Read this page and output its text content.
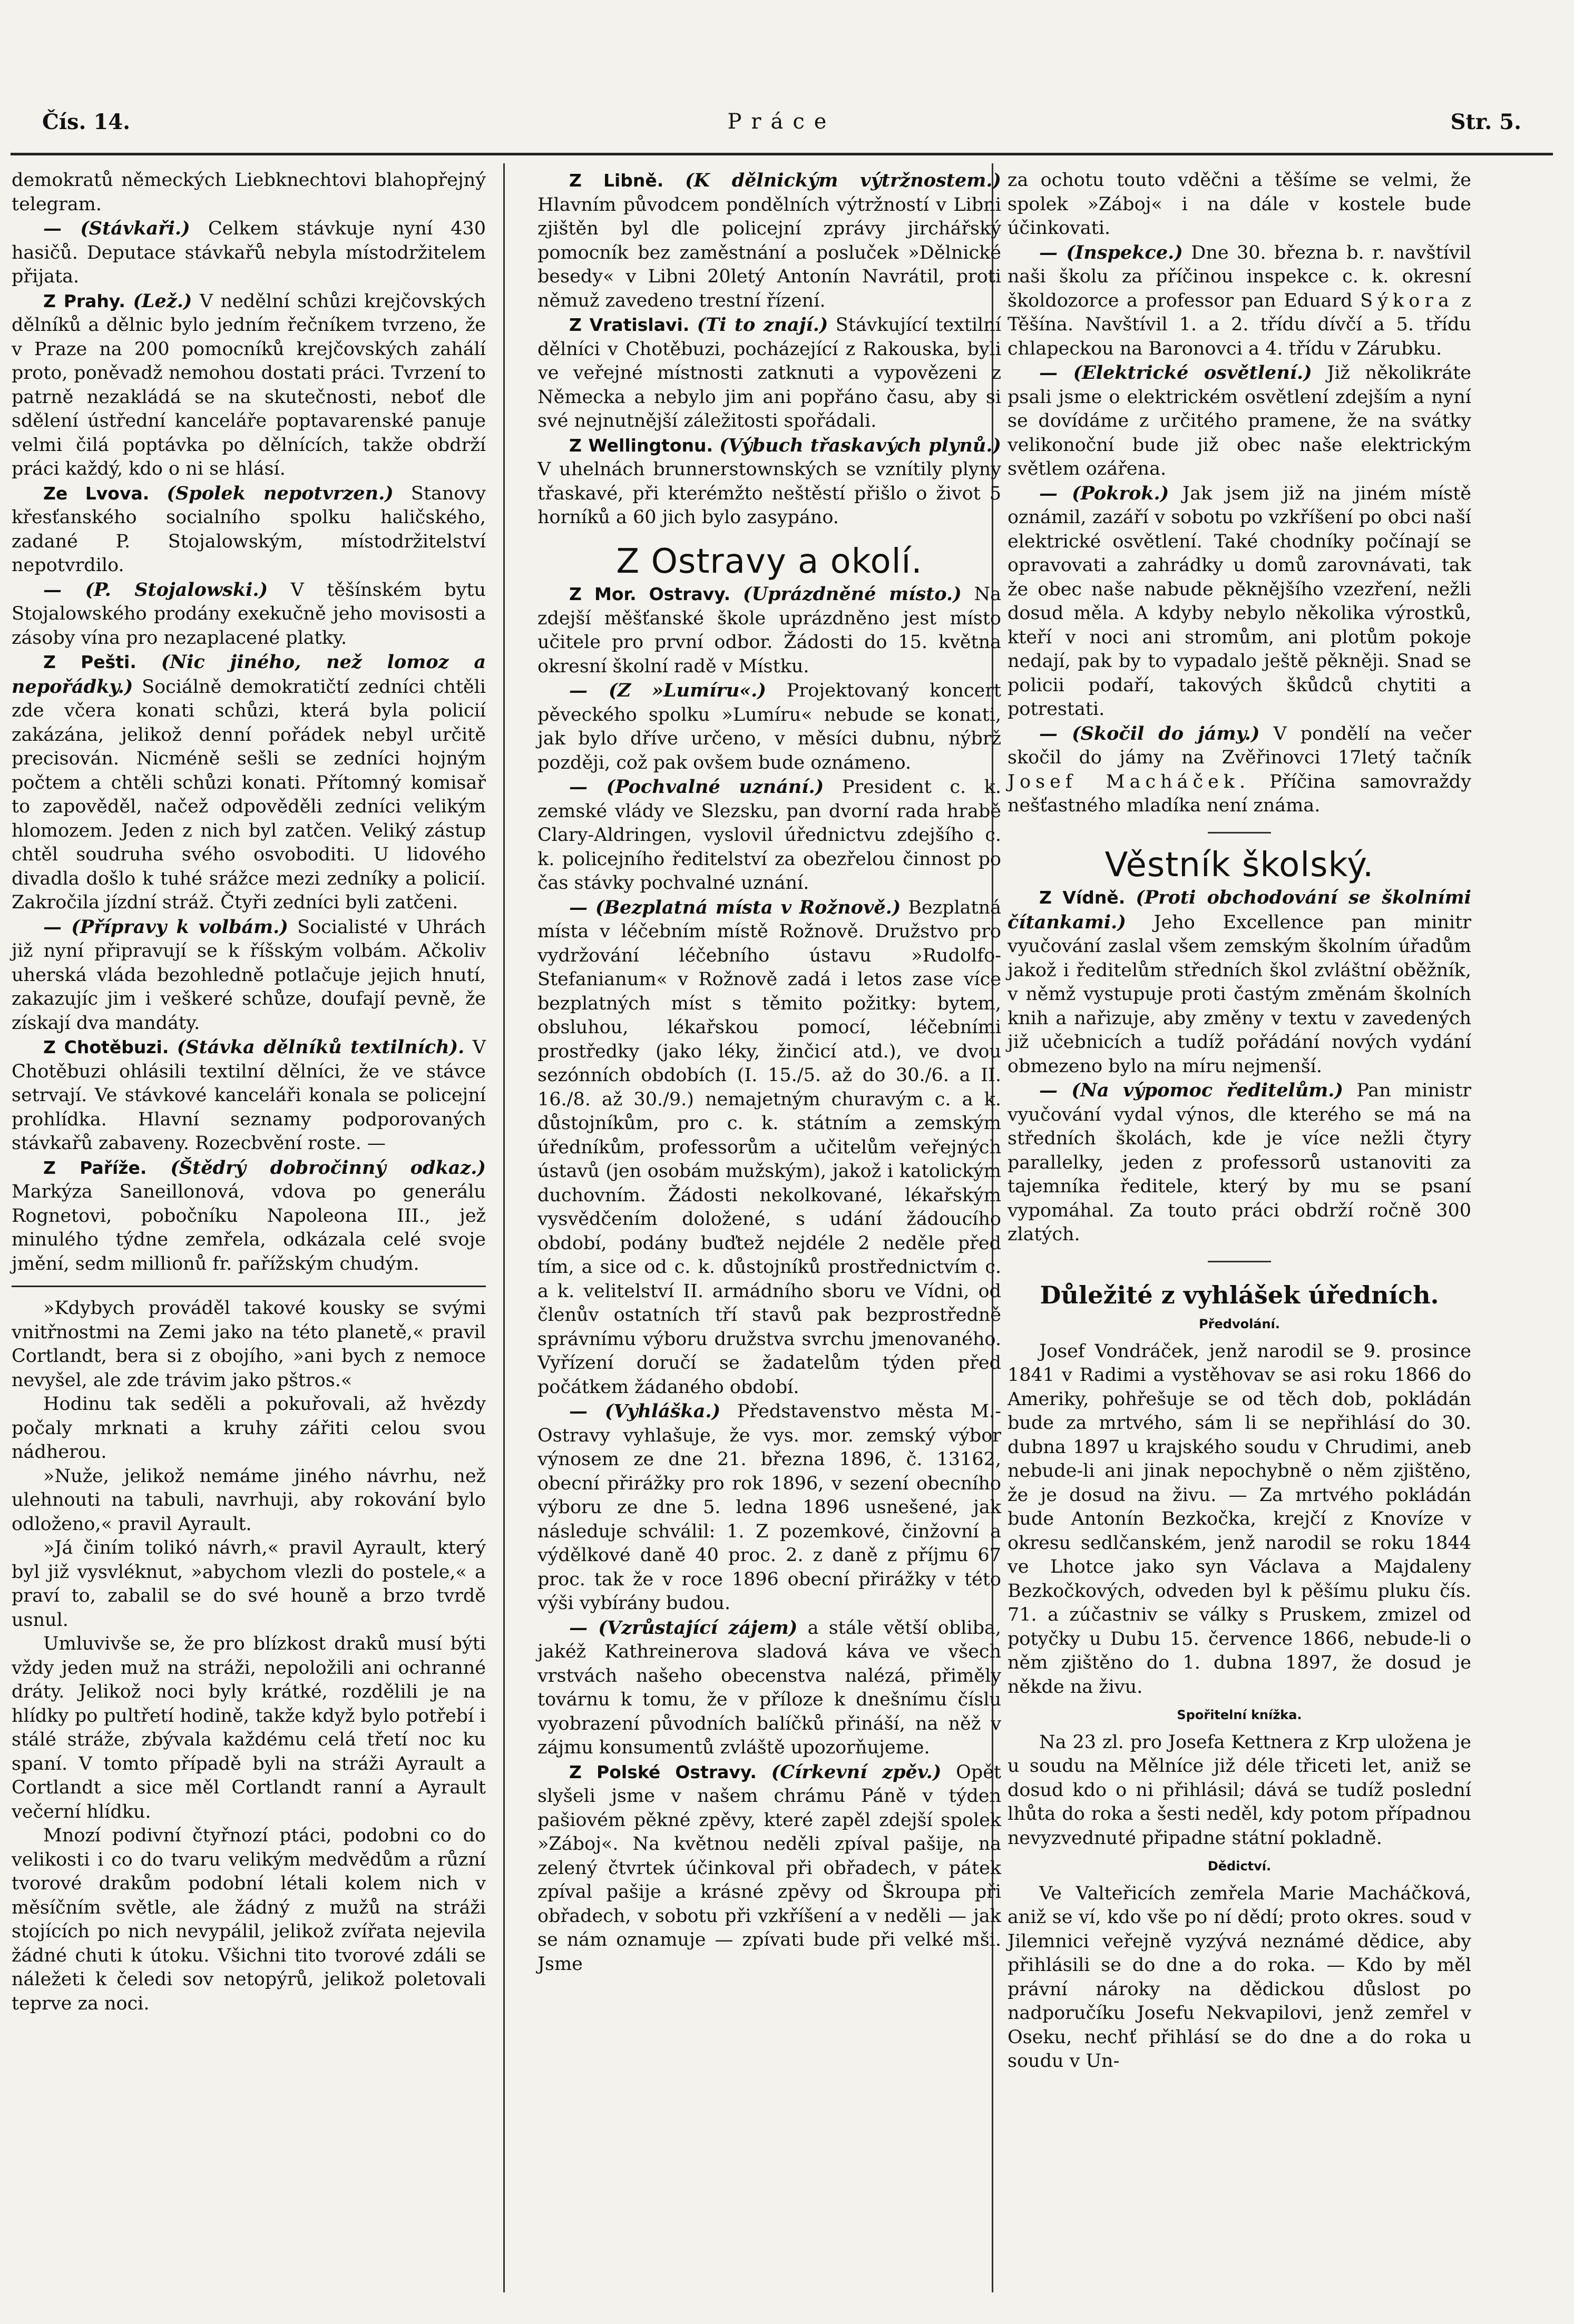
Čís. 14.	Práce	Str. 5.

demokratů německých Liebknechtovi blahopřejný telegram.

— (Stávkaři.) Celkem stávkuje nyní 430 hasičů. Deputace stávkařů nebyla místodržitelem přijata.

Z Prahy. (Lež.) V nedělní schůzi krejčovských dělníků a dělnic bylo jedním řečníkem tvrzeno, že v Praze na 200 pomocníků krejčovských zahálí proto, poněvadž nemohou dostati práci. Tvrzení to patrně nezakládá se na skutečnosti, neboť dle sdělení ústřední kanceláře poptavarenské panuje velmi čilá poptávka po dělnících, takže obdrží práci každý, kdo o ni se hlásí.

Ze Lvova. (Spolek nepotvrzen.) Stanovy křesťanského socialního spolku haličského, zadané P. Stojalowským, místodržitelství nepotvrdilo.

— (P. Stojalowski.) V těšínském bytu Stojalowského prodány exekučně jeho movisosti a zásoby vína pro nezaplacené platky.

Z Pešti. (Nic jiného, než lomoz a nepořádky.) Sociálně demokratičtí zedníci chtěli zde včera konati schůzi, která byla policií zakázána, jelikož denní pořádek nebyl určitě precisován. Nicméně sešli se zedníci hojným počtem a chtěli schůzi konati. Přítomný komisař to zapověděl, načež odpověděli zedníci velikým hlomozem. Jeden z nich byl zatčen. Veliký zástup chtěl soudruha svého osvoboditi. U lidového divadla došlo k tuhé srážce mezi zedníky a policií. Zakročila jízdní stráž. Čtyři zedníci byli zatčeni.

— (Přípravy k volbám.) Socialisté v Uhrách již nyní připravují se k říšským volbám. Ačkoliv uherská vláda bezohledně potlačuje jejich hnutí, zakazujíc jim i veškeré schůze, doufají pevně, že získají dva mandáty.

Z Chotěbuzi. (Stávka dělníků textilních). V Chotěbuzi ohlásili textilní dělníci, že ve stávce setrvají. Ve stávkové kanceláři konala se policejní prohlídka. Hlavní seznamy podporovaných stávkařů zabaveny. Rozecbvění roste. —

Z Paříže. (Štědrý dobročinný odkaz.) Markýza Saneillonová, vdova po generálu Rognetovi, pobočníku Napoleona III., jež minulého týdne zemřela, odkázala celé svoje jmění, sedm millionů fr. pařížským chudým.

»Kdybych prováděl takové kousky se svými vnitřnostmi na Zemi jako na této planetě,« pravil Cortlandt, bera si z obojího, »ani bych z nemoce nevyšel, ale zde trávim jako pštros.«

Hodinu tak seděli a pokuřovali, až hvězdy počaly mrknati a kruhy zářiti celou svou nádherou.

»Nuže, jelikož nemáme jiného návrhu, než ulehnouti na tabuli, navrhuji, aby rokování bylo odloženo,« pravil Ayrault.

»Já činím tolikó návrh,« pravil Ayrault, který byl již vysvléknut, »abychom vlezli do postele,« a praví to, zabalil se do své houně a brzo tvrdě usnul.

Umluvivše se, že pro blízkost draků musí býti vždy jeden muž na stráži, nepoložili ani ochranné dráty. Jelikož noci byly krátké, rozdělili je na hlídky po pultřetí hodině, takže když bylo potřebí i stálé stráže, zbývala každému celá třetí noc ku spaní. V tomto případě byli na stráži Ayrault a Cortlandt a sice měl Cortlandt ranní a Ayrault večerní hlídku.

Mnozí podivní čtyřnozí ptáci, podobni co do velikosti i co do tvaru velikým medvědům a různí tvorové drakům podobní létali kolem nich v měsíčním světle, ale žádný z mužů na stráži stojících po nich nevypálil, jelikož zvířata nejevila žádné chuti k útoku. Všichni tito tvorové zdáli se náležeti k čeledi sov netopýrů, jelikož poletovali teprve za noci.

Z Libně. (K dělnickým výtržnostem.) Hlavním původcem pondělních výtržností v Libni zjištěn byl dle policejní zprávy jirchářský pomocník bez zaměstnání a posluček »Dělnické besedy« v Libni 20letý Antonín Navrátil, proti němuž zavedeno trestní řízení.

Z Vratislavi. (Ti to znají.) Stávkující textilní dělníci v Chotěbuzi, pocházející z Rakouska, byli ve veřejné místnosti zatknuti a vypovězeni z Německa a nebylo jim ani popřáno času, aby si své nejnutnější záležitosti spořádali.

Z Wellingtonu. (Výbuch třaskavých plynů.) V uhelnách brunnerstownských se vznítily plyny třaskavé, při kterémžto neštěstí přišlo o život 5 horníků a 60 jich bylo zasypáno.

Z Ostravy a okolí.

Z Mor. Ostravy. (Uprázdněné místo.) Na zdejší měšťanské škole uprázdněno jest místo učitele pro první odbor. Žádosti do 15. května okresní školní radě v Místku.

— (Z »Lumíru«.) Projektovaný koncert pěveckého spolku »Lumíru« nebude se konati, jak bylo dříve určeno, v měsíci dubnu, nýbrž později, což pak ovšem bude oznámeno.

— (Pochvalné uznání.) President c. k. zemské vlády ve Slezsku, pan dvorní rada hrabě Clary-Aldringen, vyslovil úřednictvu zdejšího c. k. policejního ředitelství za obezřelou činnost po čas stávky pochvalné uznání.

— (Bezplatná místa v Rožnově.) Bezplatná místa v léčebním místě Rožnově. Družstvo pro vydržování léčebního ústavu »Rudolfo-Stefanianum« v Rožnově zadá i letos zase více bezplatných míst s těmito požitky: bytem, obsluhou, lékařskou pomocí, léčebními prostředky (jako léky, žinčicí atd.), ve dvou sezónních obdobích (I. 15./5. až do 30./6. a II. 16./8. až 30./9.) nemajetným churavým c. a k. důstojníkům, pro c. k. státním a zemským úředníkům, professorům a učitelům veřejných ústavů (jen osobám mužským), jakož i katolickým duchovním. Žádosti nekolkované, lékařským vysvědčením doložené, s udání žádoucího období, podány buďtež nejdéle 2 neděle před tím, a sice od c. k. důstojníků prostřednictvím c. a k. velitelství II. armádního sboru ve Vídni, od členův ostatních tří stavů pak bezprostředně správnímu výboru družstva svrchu jmenovaného. Vyřízení doručí se žadatelům týden před počátkem žádaného období.

— (Vyhláška.) Představenstvo města M.-Ostravy vyhlašuje, že vys. mor. zemský výbor výnosem ze dne 21. března 1896, č. 13162, obecní přirážky pro rok 1896, v sezení obecního výboru ze dne 5. ledna 1896 usnešené, jak následuje schválil: 1. Z pozemkové, činžovní a výdělkové daně 40 proc. 2. z daně z příjmu 67 proc. tak že v roce 1896 obecní přirážky v této výši vybírány budou.

— (Vzrůstající zájem) a stále větší obliba, jakéž Kathreinerova sladová káva ve všech vrstvách našeho obecenstva nalézá, přiměly továrnu k tomu, že v příloze k dnešnímu číslu vyobrazení původních balíčků přináší, na něž v zájmu konsumentů zvláště upozorňujeme.

Z Polské Ostravy. (Církevní zpěv.) Opět slyšeli jsme v našem chrámu Páně v týden pašiovém pěkné zpěvy, které zapěl zdejší spolek »Záboj«. Na květnou neděli zpíval pašije, na zelený čtvrtek účinkoval při obřadech, v pátek zpíval pašije a krásné zpěvy od Škroupa při obřadech, v sobotu při vzkříšení a v neděli — jak se nám oznamuje — zpívati bude při velké mši. Jsme

za ochotu touto vděčni a těšíme se velmi, že spolek »Záboj« i na dále v kostele bude účinkovati.

— (Inspekce.) Dne 30. března b. r. navštívil naši školu za příčinou inspekce c. k. okresní školdozorce a professor pan Eduard Sýkora z Těšína. Navštívil 1. a 2. třídu dívčí a 5. třídu chlapeckou na Baronovci a 4. třídu v Zárubku.

— (Elektrické osvětlení.) Již několikráte psali jsme o elektrickém osvětlení zdejším a nyní se dovídáme z určitého pramene, že na svátky velikonoční bude již obec naše elektrickým světlem ozářena.

— (Pokrok.) Jak jsem již na jiném místě oznámil, zazáří v sobotu po vzkříšení po obci naší elektrické osvětlení. Také chodníky počínají se opravovati a zahrádky u domů zarovnávati, tak že obec naše nabude pěknějšího vzezření, nežli dosud měla. A kdyby nebylo několika výrostků, kteří v noci ani stromům, ani plotům pokoje nedají, pak by to vypadalo ještě pěkněji. Snad se policii podaří, takových škůdců chytiti a potrestati.

— (Skočil do jámy.) V pondělí na večer skočil do jámy na Zvěřinovci 17letý tačník Josef Macháček. Příčina samovraždy nešťastného mladíka není známa.

Věstník školský.

Z Vídně. (Proti obchodování se školními čítankami.) Jeho Excellence pan minitr vyučování zaslal všem zemským školním úřadům jakož i ředitelům středních škol zvláštní oběžník, v němž vystupuje proti častým změnám školních knih a nařizuje, aby změny v textu v zavedených již učebnicích a tudíž pořádání nových vydání obmezeno bylo na míru nejmenší.

— (Na výpomoc ředitelům.) Pan ministr vyučování vydal výnos, dle kterého se má na středních školách, kde je více nežli čtyry parallelky, jeden z professorů ustanoviti za tajemníka ředitele, který by mu se psaní vypomáhal. Za touto práci obdrží ročně 300 zlatých.

Důležité z vyhlášek úředních.
Předvolání.

Josef Vondráček, jenž narodil se 9. prosince 1841 v Radimi a vystěhovav se asi roku 1866 do Ameriky, pohřešuje se od těch dob, pokládán bude za mrtvého, sám li se nepřihlásí do 30. dubna 1897 u krajského soudu v Chrudimi, aneb nebude-li ani jinak nepochybně o něm zjištěno, že je dosud na živu. — Za mrtvého pokládán bude Antonín Bezkočka, krejčí z Knovíze v okresu sedlčanském, jenž narodil se roku 1844 ve Lhotce jako syn Václava a Majdaleny Bezkočkových, odveden byl k pěšímu pluku čís. 71. a zúčastniv se války s Pruskem, zmizel od potyčky u Dubu 15. července 1866, nebude-li o něm zjištěno do 1. dubna 1897, že dosud je někde na živu.

Spořitelní knížka.

Na 23 zl. pro Josefa Kettnera z Krp uložena je u soudu na Mělníce již déle třiceti let, aniž se dosud kdo o ni přihlásil; dává se tudíž poslední lhůta do roka a šesti neděl, kdy potom případnou nevyzvednuté připadne státní pokladně.

Dědictví.

Ve Valteřicích zemřela Marie Macháčková, aniž se ví, kdo vše po ní dědí; proto okres. soud v Jilemnici veřejně vyzývá neznámé dědice, aby přihlásili se do dne a do roka. — Kdo by měl právní nároky na dědickou důslost po nadporučíku Josefu Nekvapilovi, jenž zemřel v Oseku, nechť přihlásí se do dne a do roka u soudu v Un-
